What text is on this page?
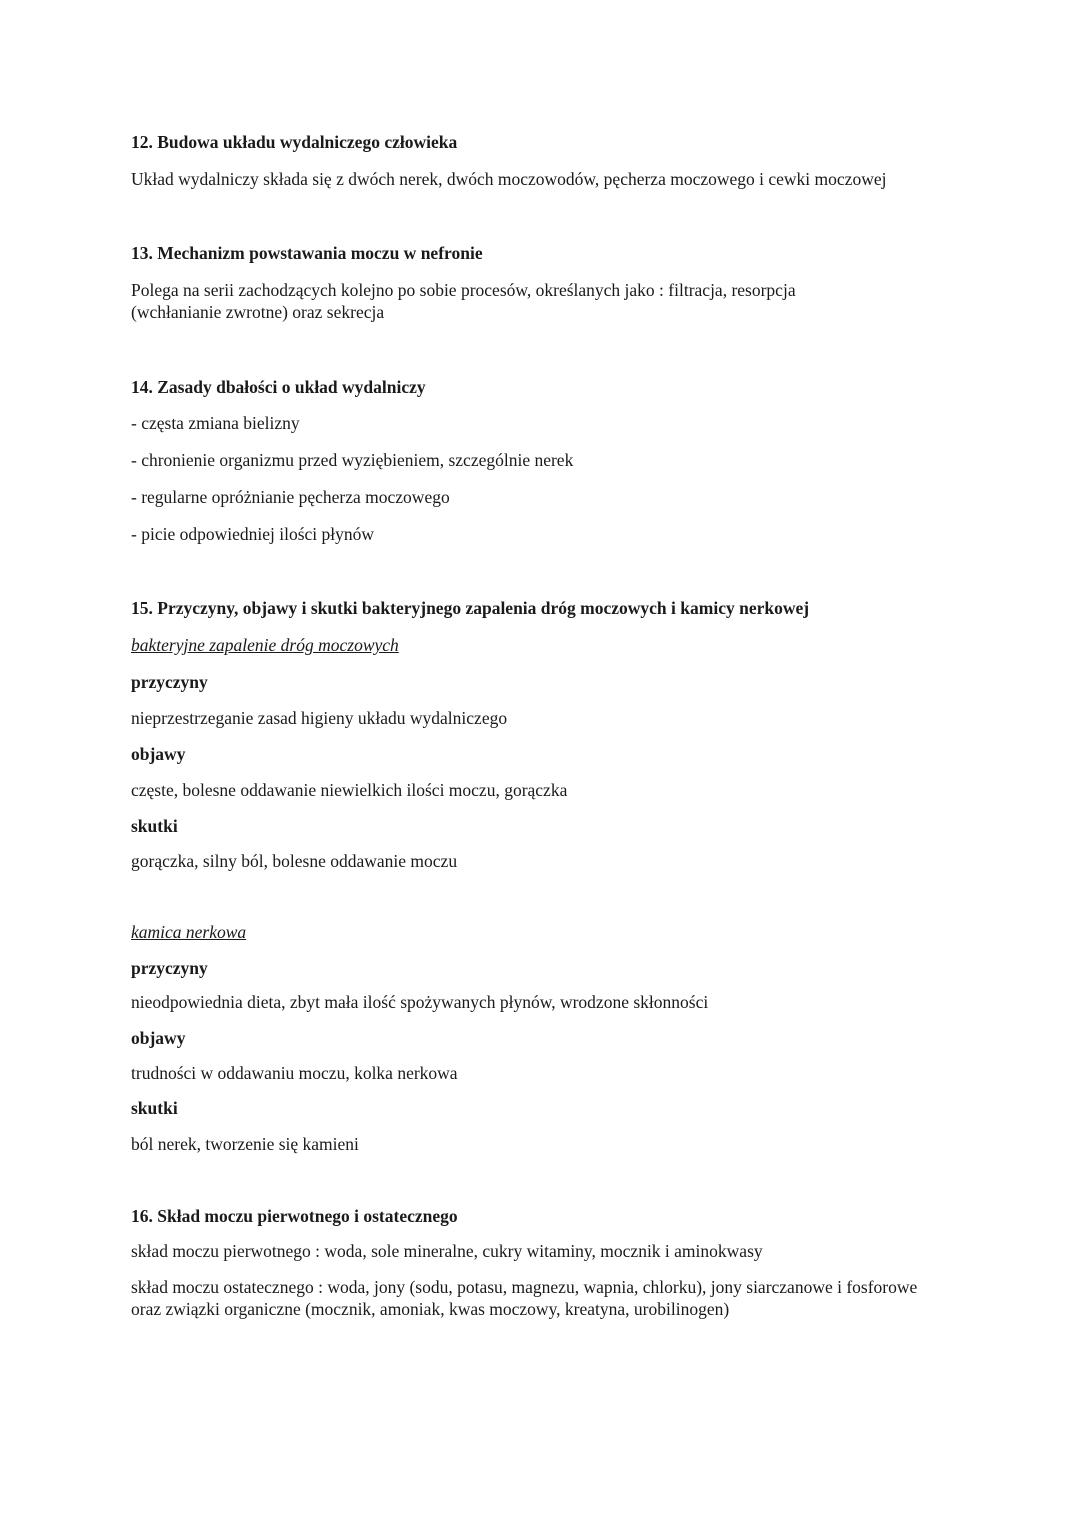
12. Budowa układu wydalniczego człowieka
Układ wydalniczy składa się z dwóch nerek, dwóch moczowodów, pęcherza moczowego i cewki moczowej
13. Mechanizm powstawania moczu w nefronie
Polega na serii zachodzących kolejno po sobie procesów, określanych jako : filtracja, resorpcja
(wchłanianie zwrotne) oraz sekrecja
14. Zasady dbałości o układ wydalniczy
- częsta zmiana bielizny
- chronienie organizmu przed wyziębieniem, szczególnie nerek
- regularne opróżnianie pęcherza moczowego
- picie odpowiedniej ilości płynów
15. Przyczyny, objawy i skutki bakteryjnego zapalenia dróg moczowych i kamicy nerkowej
bakteryjne zapalenie dróg moczowych
przyczyny
nieprzestrzeganie zasad higieny układu wydalniczego
objawy
częste, bolesne oddawanie niewielkich ilości moczu, gorączka
skutki
gorączka, silny ból, bolesne oddawanie moczu
kamica nerkowa
przyczyny
nieodpowiednia dieta, zbyt mała ilość spożywanych płynów, wrodzone skłonności
objawy
trudności w oddawaniu moczu, kolka nerkowa
skutki
ból nerek, tworzenie się kamieni
16. Skład moczu pierwotnego i ostatecznego
skład moczu pierwotnego : woda, sole mineralne, cukry witaminy, mocznik i aminokwasy
skład moczu ostatecznego : woda, jony (sodu, potasu, magnezu, wapnia, chlorku), jony siarczanowe i fosforowe
oraz związki organiczne (mocznik, amoniak, kwas moczowy, kreatyna, urobilinogen)
